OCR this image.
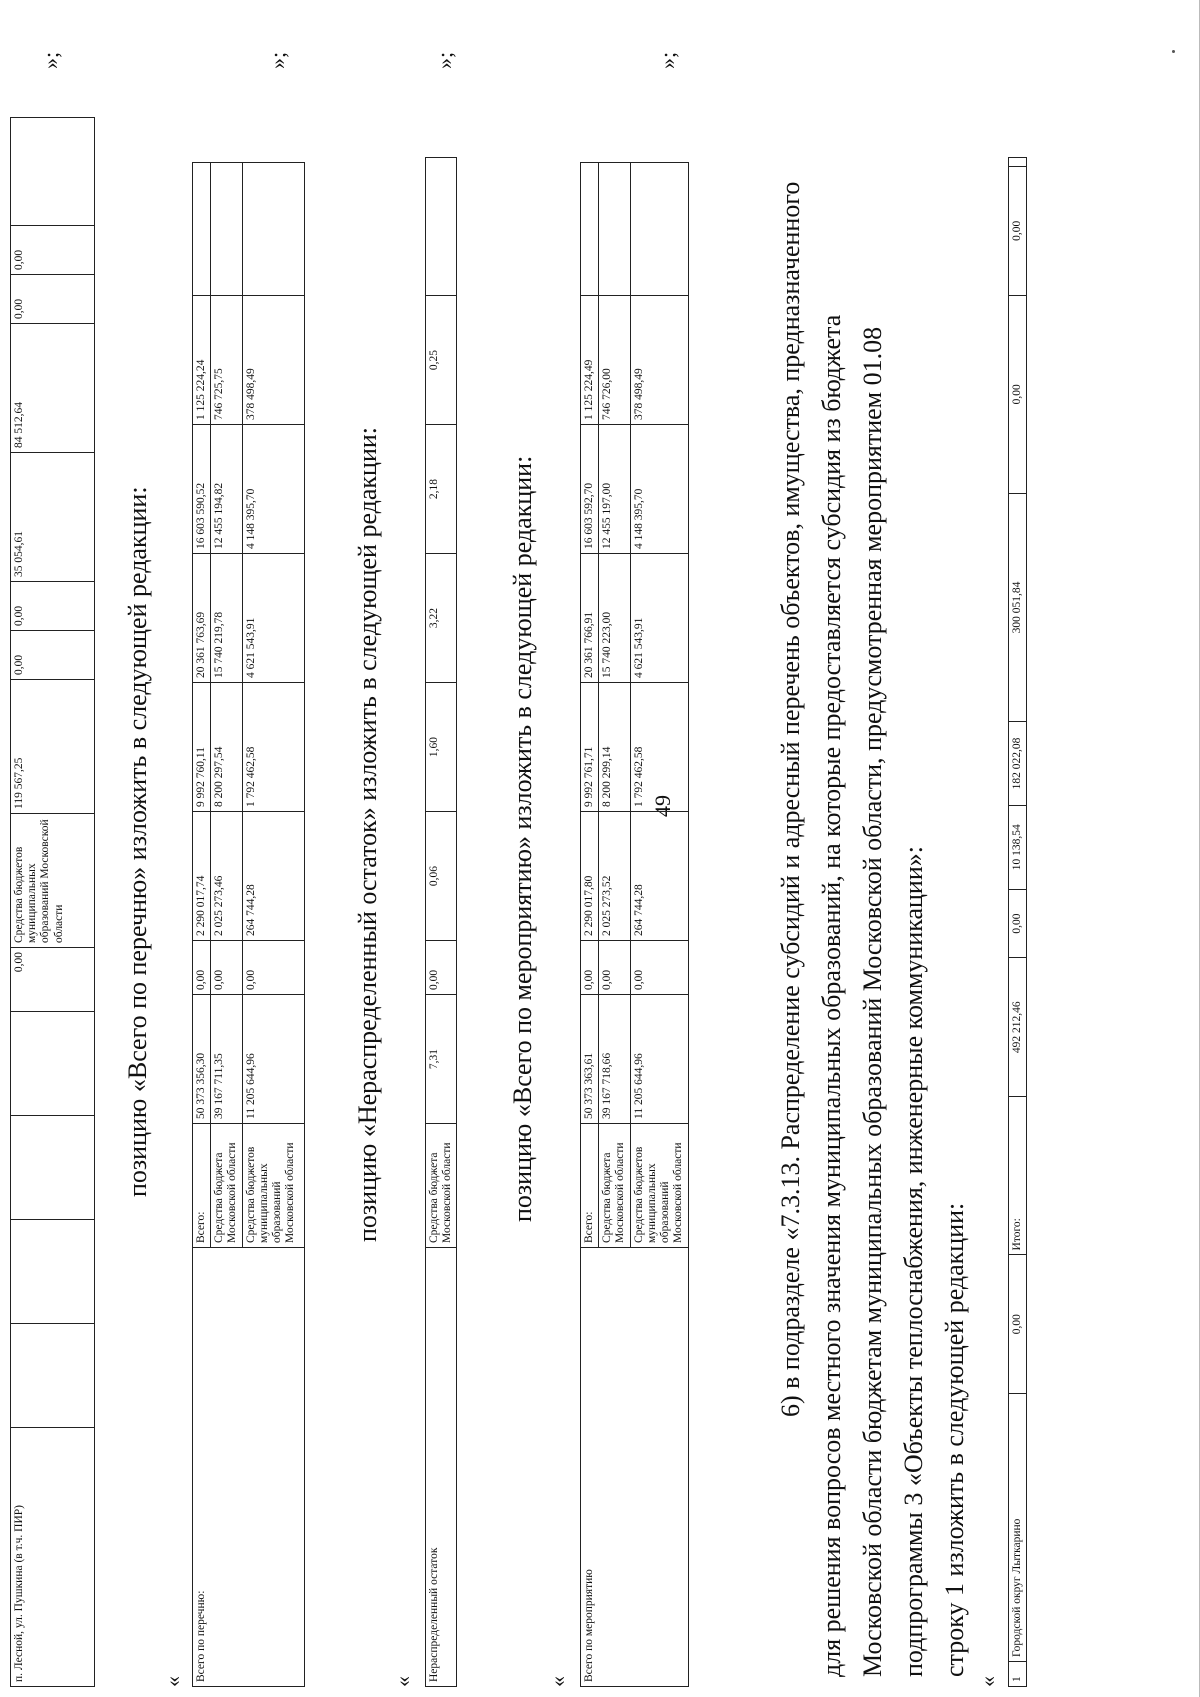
49
п. Лесной, ул. Пушкина (в т.ч. ПИР)					0,00	Средства бюджетов муниципальных образований Московской области	119 567,25	0,00	0,00	35 054,61	84 512,64	0,00	0,00	
»;
позицию «Всего по перечню» изложить в следующей редакции:
« Всего по перечню:	Всего:	50 373 356,30	0,00	2 290 017,74	9 992 760,11	20 361 763,69	16 603 590,52	1 125 224,24	
	Средства бюджета Московской области	39 167 711,35	0,00	2 025 273,46	8 200 297,54	15 740 219,78	12 455 194,82	746 725,75	
	Средства бюджетов муниципальных образований Московской области	11 205 644,96	0,00	264 744,28	1 792 462,58	4 621 543,91	4 148 395,70	378 498,49	
»;
позицию «Нераспределенный остаток» изложить в следующей редакции:
« Нераспределенный остаток	Средства бюджета Московской области	7,31	0,00	0,06	1,60	3,22	2,18	0,25	
»;
позицию «Всего по мероприятию» изложить в следующей редакции:
« Всего по мероприятию	Всего:	50 373 363,61	0,00	2 290 017,80	9 992 761,71	20 361 766,91	16 603 592,70	1 125 224,49	
	Средства бюджета Московской области	39 167 718,66	0,00	2 025 273,52	8 200 299,14	15 740 223,00	12 455 197,00	746 726,00	
	Средства бюджетов муниципальных образований Московской области	11 205 644,96	0,00	264 744,28	1 792 462,58	4 621 543,91	4 148 395,70	378 498,49	
»;

6) в подразделе «7.3.13. Распределение субсидий и адресный перечень объектов, имущества, предназначенного для решения вопросов местного значения муниципальных образований, на которые предоставляется субсидия из бюджета Московской области бюджетам муниципальных образований Московской области, предусмотренная мероприятием 01.08 подпрограммы 3 «Объекты теплоснабжения, инженерные коммуникации»: строку 1 изложить в следующей редакции:

« 1	Городской округ Лыткарино	0,00	Итого:	492 212,46	0,00	10 138,54	182 022,08	300 051,84	0,00	0,00	
